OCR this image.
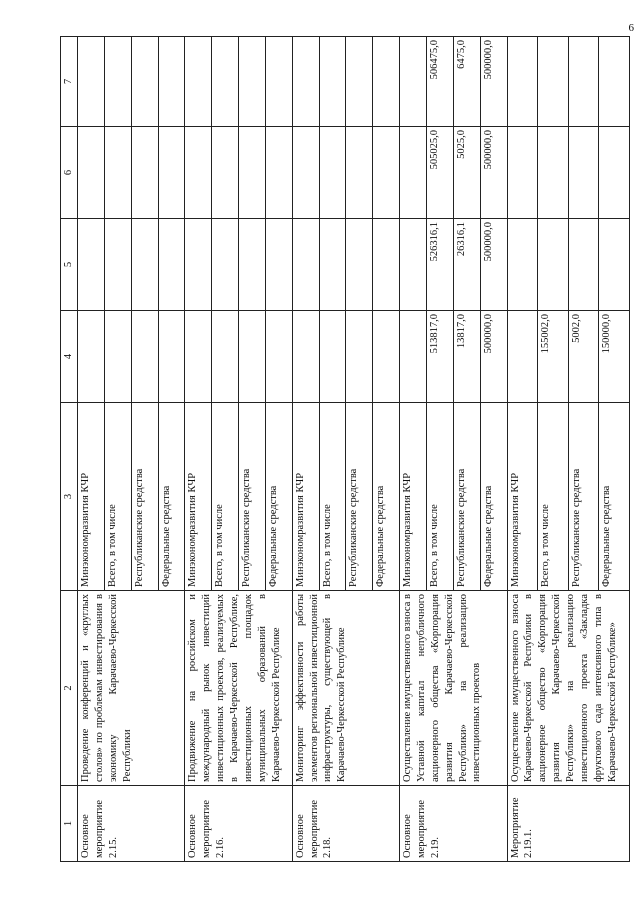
6
1	2	3	4	5	6	7
Основное мероприятие 2.15.	Проведение конференций и «круглых столов» по проблемам инвестирования в экономику Карачаево-Черкесской Республики	Минэкономразвития КЧР				
		Всего, в том числе				
		Республиканские средства				
		Федеральные средства				
Основное мероприятие 2.16.	Продвижение на российском и международный рынок инвестиций инвестиционных проектов, реализуемых в Карачаево-Черкесской Республике, инвестиционных площадок муниципальных образований в Карачаево-Черкесской Республике	Минэкономразвития КЧР				
		Всего, в том числе				
		Республиканские средства				
		Федеральные средства				
Основное мероприятие 2.18.	Мониторинг эффективности работы элементов региональной инвестиционной инфраструктуры, существующей в Карачаево-Черкесской Республике	Минэкономразвития КЧР				
		Всего, в том числе				
		Республиканские средства				
		Федеральные средства				
Основное мероприятие 2.19.	Осуществление имущественного взноса в Уставной капитал непубличного акционерного общества «Корпорация развития Карачаево-Черкесской Республики» на реализацию инвестиционных проектов	Минэкономразвития КЧР				
		Всего, в том числе	513817,0	526316,1	505025,0	506475,0
		Республиканские средства	13817,0	26316,1	5025,0	6475,0
		Федеральные средства	500000,0	500000,0	500000,0	500000,0
Мероприятие 2.19.1.	Осуществление имущественного взноса Карачаево-Черкесской Республики в акционерное общество «Корпорация развития Карачаево-Черкесской Республики» на реализацию инвестиционного проекта «Закладка фруктового сада интенсивного типа в Карачаево-Черкесской Республике»	Минэкономразвития КЧР				
		Всего, в том числе	155002,0			
		Республиканские средства	5002,0			
		Федеральные средства	150000,0			
